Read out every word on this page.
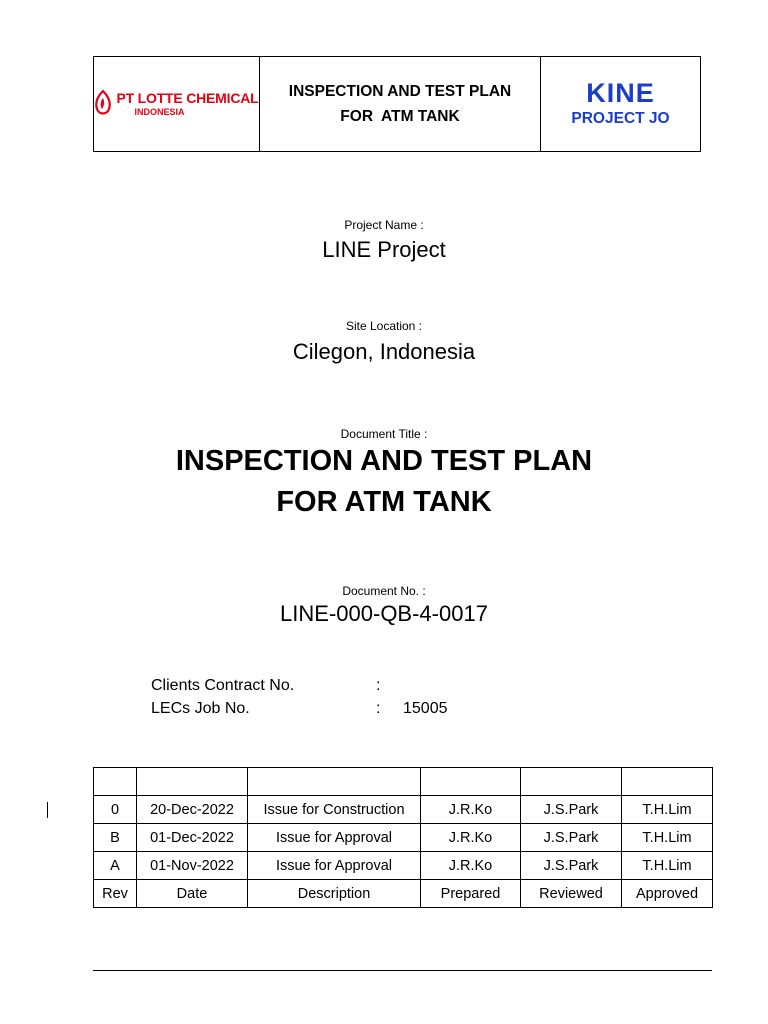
PT LOTTE CHEMICAL
INDONESIA
INSPECTION AND TEST PLAN
FOR  ATM TANK
KINE
PROJECT JO
Project Name :
LINE Project
Site Location :
Cilegon, Indonesia
Document Title :
INSPECTION AND TEST PLAN
FOR ATM TANK
Document No. :
LINE-000-QB-4-0017
Clients Contract No.	:
LECs Job No.	: 15005

0	20-Dec-2022	Issue for Construction	J.R.Ko	J.S.Park	T.H.Lim
B	01-Dec-2022	Issue for Approval	J.R.Ko	J.S.Park	T.H.Lim
A	01-Nov-2022	Issue for Approval	J.R.Ko	J.S.Park	T.H.Lim
Rev	Date	Description	Prepared	Reviewed	Approved
